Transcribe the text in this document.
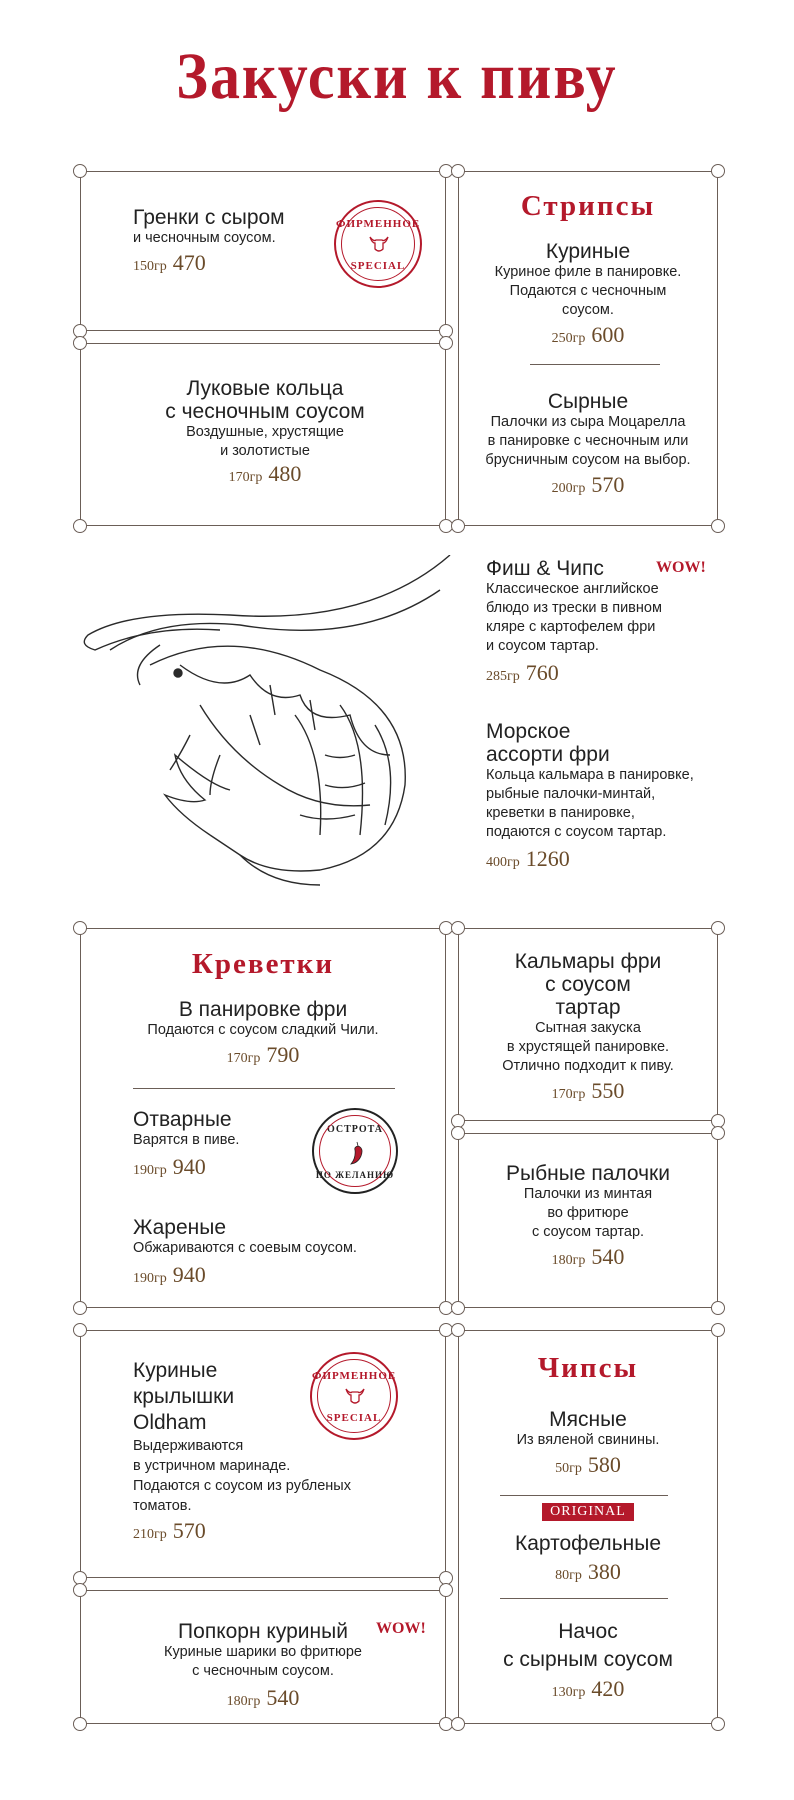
Закуски к пиву
Гренки с сыром
и чесночным соусом.
150гр 470
ФИРМЕННОЕ
SPECIAL
Луковые кольца
с чесночным соусом
Воздушные, хрустящие
и золотистые
170гр 480
Стрипсы
Куриные
Куриное филе в панировке.
Подаются с чесночным
соусом.
250гр 600
Сырные
Палочки из сыра Моцарелла
в панировке с чесночным или
брусничным соусом на выбор.
200гр 570
Фиш & Чипс	WOW!
Классическое английское
блюдо из трески в пивном
кляре с картофелем фри
и соусом тартар.
285гр 760
Морское
ассорти фри
Кольца кальмара в панировке,
рыбные палочки-минтай,
креветки в панировке,
подаются с соусом тартар.
400гр 1260
Креветки
В панировке фри
Подаются с соусом сладкий Чили.
170гр 790
Отварные
Варятся в пиве.
190гр 940
ОСТРОТА
ПО ЖЕЛАНИЮ
Жареные
Обжариваются с соевым соусом.
190гр 940
Кальмары фри
с соусом
тартар
Сытная закуска
в хрустящей панировке.
Отлично подходит к пиву.
170гр 550
Рыбные палочки
Палочки из минтая
во фритюре
с соусом тартар.
180гр 540
Куриные
крылышки
Oldham
Выдерживаются
в устричном маринаде.
Подаются с соусом из рубленых
томатов.
210гр 570
ФИРМЕННОЕ
SPECIAL
Попкорн куриный WOW!
Куриные шарики во фритюре
с чесночным соусом.
180гр 540
Чипсы
Мясные
Из вяленой свинины.
50гр 580
ORIGINAL
Картофельные
80гр 380
Начос
с сырным соусом
130гр 420
